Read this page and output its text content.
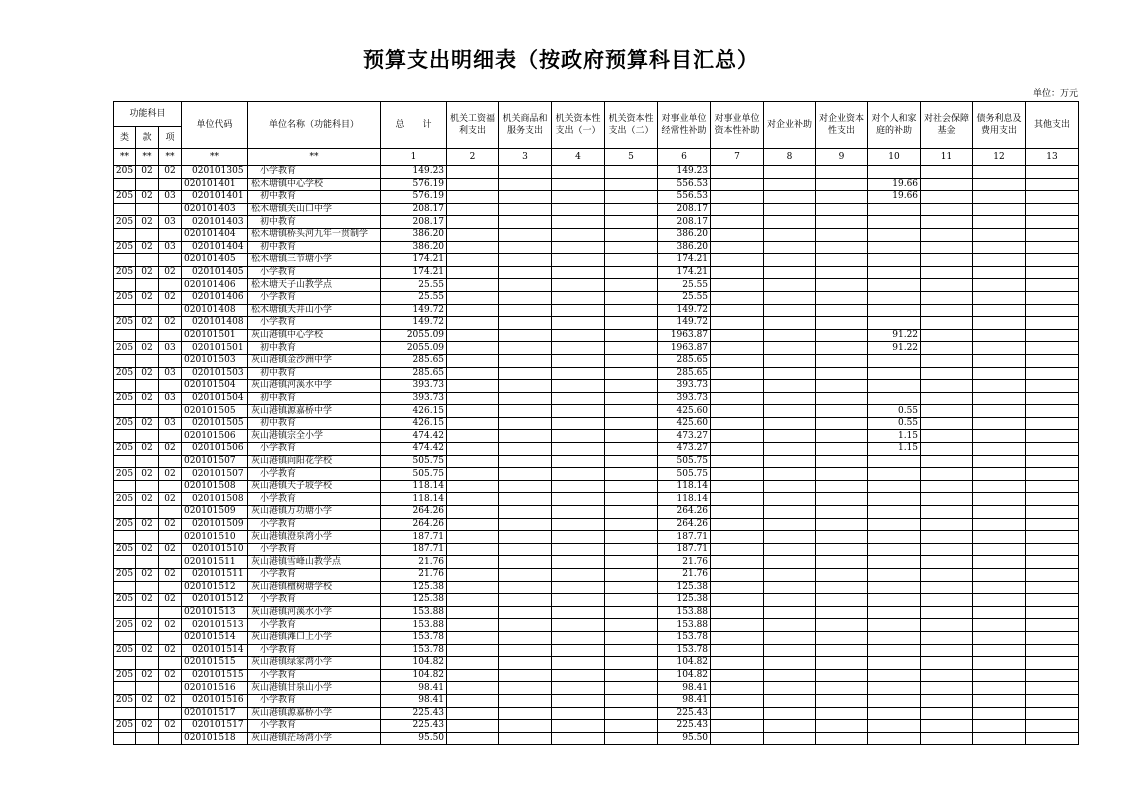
预算支出明细表（按政府预算科目汇总）
单位：万元
功能科目			单位代码	单位名称（功能科目）	总　　计	机关工资福利支出	机关商品和服务支出	机关资本性支出（一）	机关资本性支出（二）	对事业单位经常性补助	对事业单位资本性补助	对企业补助	对企业资本性支出	对个人和家庭的补助	对社会保障基金	债务利息及费用支出	其他支出
类	款	项															
**	**	**	**	**	1	2	3	4	5	6	7	8	9	10	11	12	13
205	02	02	020101305	小学教育	149.23					149.23							
			020101401	松木塘镇中心学校	576.19					556.53				19.66			
205	02	03	020101401	初中教育	576.19					556.53				19.66			
			020101403	松木塘镇关山口中学	208.17					208.17							
205	02	03	020101403	初中教育	208.17					208.17							
			020101404	松木塘镇桥头河九年一贯制学	386.20					386.20							
205	02	03	020101404	初中教育	386.20					386.20							
			020101405	松木塘镇三节塘小学	174.21					174.21							
205	02	02	020101405	小学教育	174.21					174.21							
			020101406	松木塘天子山教学点	25.55					25.55							
205	02	02	020101406	小学教育	25.55					25.55							
			020101408	松木塘镇天井山小学	149.72					149.72							
205	02	02	020101408	小学教育	149.72					149.72							
			020101501	灰山港镇中心学校	2055.09					1963.87				91.22			
205	02	03	020101501	初中教育	2055.09					1963.87				91.22			
			020101503	灰山港镇金沙洲中学	285.65					285.65							
205	02	03	020101503	初中教育	285.65					285.65							
			020101504	灰山港镇河溪水中学	393.73					393.73							
205	02	03	020101504	初中教育	393.73					393.73							
			020101505	灰山港镇源嘉桥中学	426.15					425.60				0.55			
205	02	03	020101505	初中教育	426.15					425.60				0.55			
			020101506	灰山港镇宗全小学	474.42					473.27				1.15			
205	02	02	020101506	小学教育	474.42					473.27				1.15			
			020101507	灰山港镇向阳花学校	505.75					505.75							
205	02	02	020101507	小学教育	505.75					505.75							
			020101508	灰山港镇天子坡学校	118.14					118.14							
205	02	02	020101508	小学教育	118.14					118.14							
			020101509	灰山港镇万功塘小学	264.26					264.26							
205	02	02	020101509	小学教育	264.26					264.26							
			020101510	灰山港镇澄泉湾小学	187.71					187.71							
205	02	02	020101510	小学教育	187.71					187.71							
			020101511	灰山港镇雪峰山教学点	21.76					21.76							
205	02	02	020101511	小学教育	21.76					21.76							
			020101512	灰山港镇檀树塘学校	125.38					125.38							
205	02	02	020101512	小学教育	125.38					125.38							
			020101513	灰山港镇河溪水小学	153.88					153.88							
205	02	02	020101513	小学教育	153.88					153.88							
			020101514	灰山港镇滩口上小学	153.78					153.78							
205	02	02	020101514	小学教育	153.78					153.78							
			020101515	灰山港镇绿家湾小学	104.82					104.82							
205	02	02	020101515	小学教育	104.82					104.82							
			020101516	灰山港镇甘泉山小学	98.41					98.41							
205	02	02	020101516	小学教育	98.41					98.41							
			020101517	灰山港镇源嘉桥小学	225.43					225.43							
205	02	02	020101517	小学教育	225.43					225.43							
			020101518	灰山港镇茫场湾小学	95.50					95.50							
